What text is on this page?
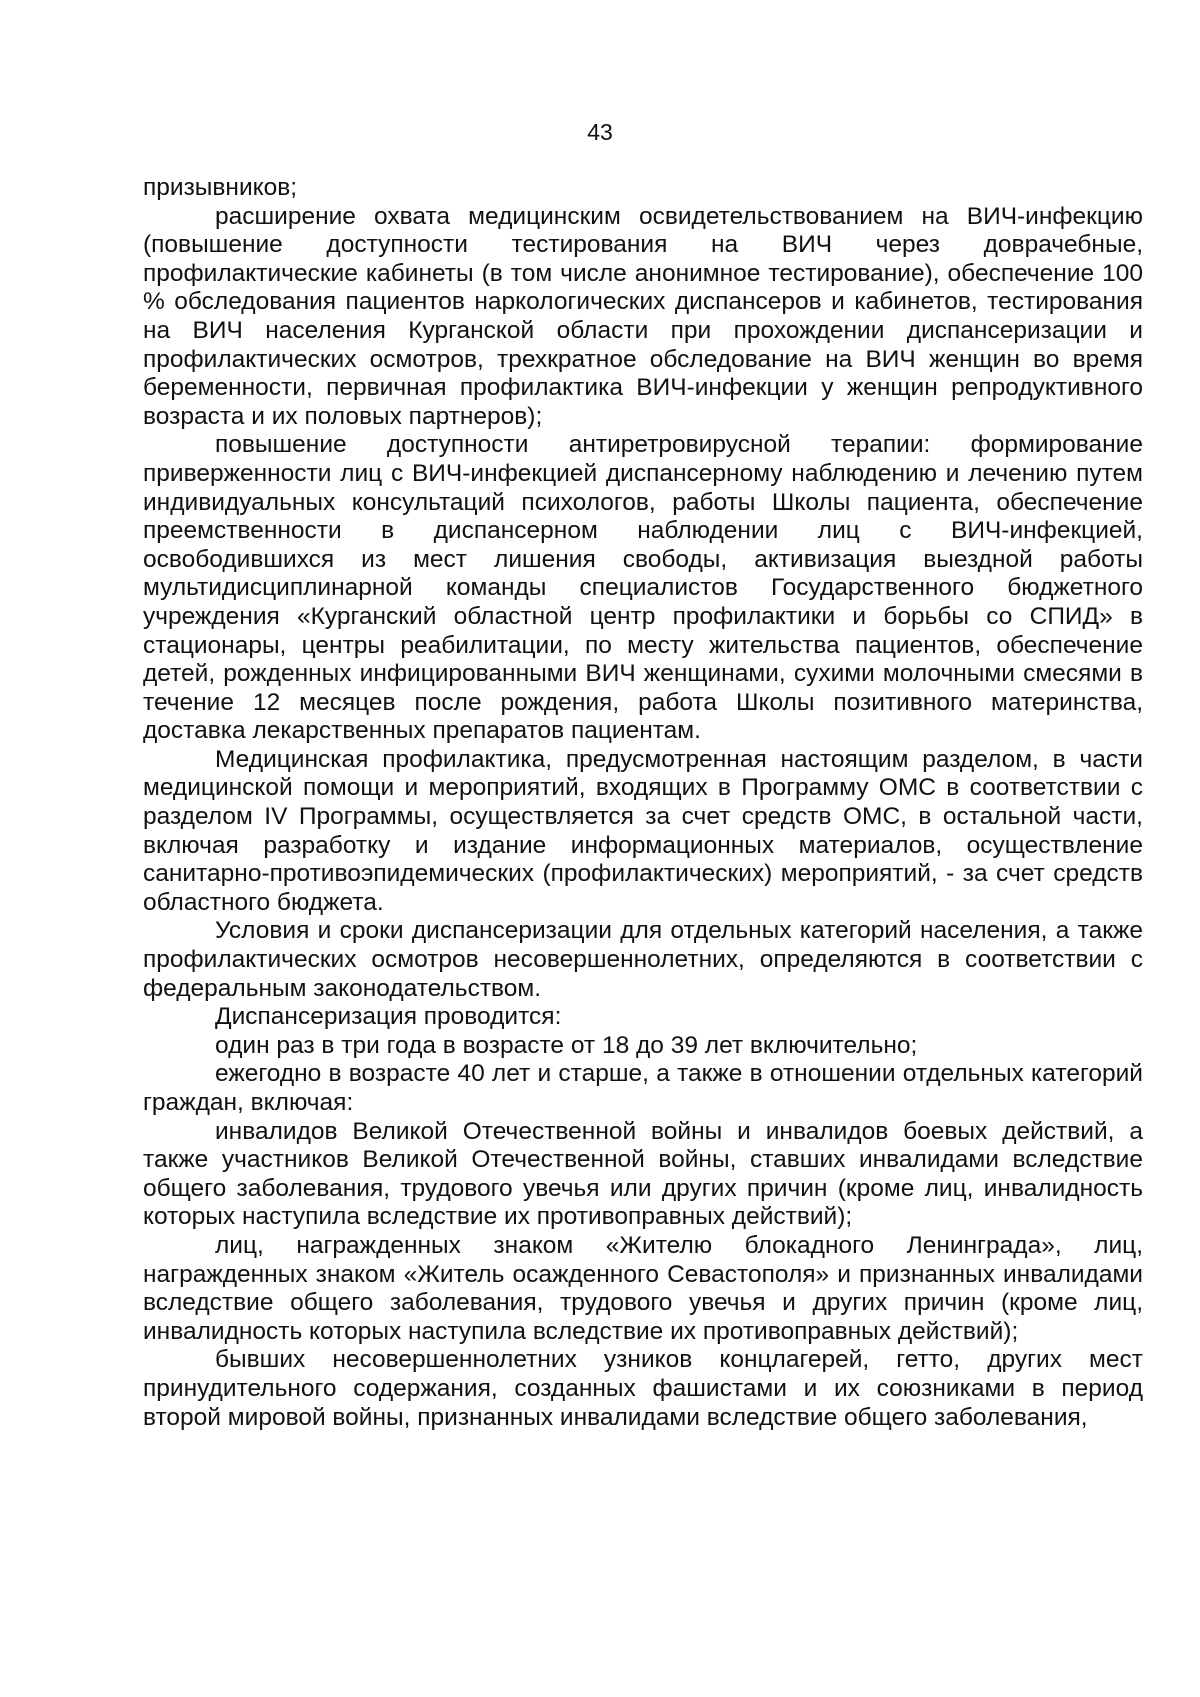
43

призывников;

расширение охвата медицинским освидетельствованием на ВИЧ-инфекцию (повышение доступности тестирования на ВИЧ через доврачебные, профилактические кабинеты (в том числе анонимное тестирование), обеспечение 100 % обследования пациентов наркологических диспансеров и кабинетов, тестирования на ВИЧ населения Курганской области при прохождении диспансеризации и профилактических осмотров, трехкратное обследование на ВИЧ женщин во время беременности, первичная профилактика ВИЧ-инфекции у женщин репродуктивного возраста и их половых партнеров);

повышение доступности антиретровирусной терапии: формирование приверженности лиц с ВИЧ-инфекцией диспансерному наблюдению и лечению путем индивидуальных консультаций психологов, работы Школы пациента, обеспечение преемственности в диспансерном наблюдении лиц с ВИЧ-инфекцией, освободившихся из мест лишения свободы, активизация выездной работы мультидисциплинарной команды специалистов Государственного бюджетного учреждения «Курганский областной центр профилактики и борьбы со СПИД» в стационары, центры реабилитации, по месту жительства пациентов, обеспечение детей, рожденных инфицированными ВИЧ женщинами, сухими молочными смесями в течение 12 месяцев после рождения, работа Школы позитивного материнства, доставка лекарственных препаратов пациентам.

Медицинская профилактика, предусмотренная настоящим разделом, в части медицинской помощи и мероприятий, входящих в Программу ОМС в соответствии с разделом IV Программы, осуществляется за счет средств ОМС, в остальной части, включая разработку и издание информационных материалов, осуществление санитарно-противоэпидемических (профилактических) мероприятий, - за счет средств областного бюджета.

Условия и сроки диспансеризации для отдельных категорий населения, а также профилактических осмотров несовершеннолетних, определяются в соответствии с федеральным законодательством.

Диспансеризация проводится:

один раз в три года в возрасте от 18 до 39 лет включительно;

ежегодно в возрасте 40 лет и старше, а также в отношении отдельных категорий граждан, включая:

инвалидов Великой Отечественной войны и инвалидов боевых действий, а также участников Великой Отечественной войны, ставших инвалидами вследствие общего заболевания, трудового увечья или других причин (кроме лиц, инвалидность которых наступила вследствие их противоправных действий);

лиц, награжденных знаком «Жителю блокадного Ленинграда», лиц, награжденных знаком «Житель осажденного Севастополя» и признанных инвалидами вследствие общего заболевания, трудового увечья и других причин (кроме лиц, инвалидность которых наступила вследствие их противоправных действий);

бывших несовершеннолетних узников концлагерей, гетто, других мест принудительного содержания, созданных фашистами и их союзниками в период второй мировой войны, признанных инвалидами вследствие общего заболевания,
